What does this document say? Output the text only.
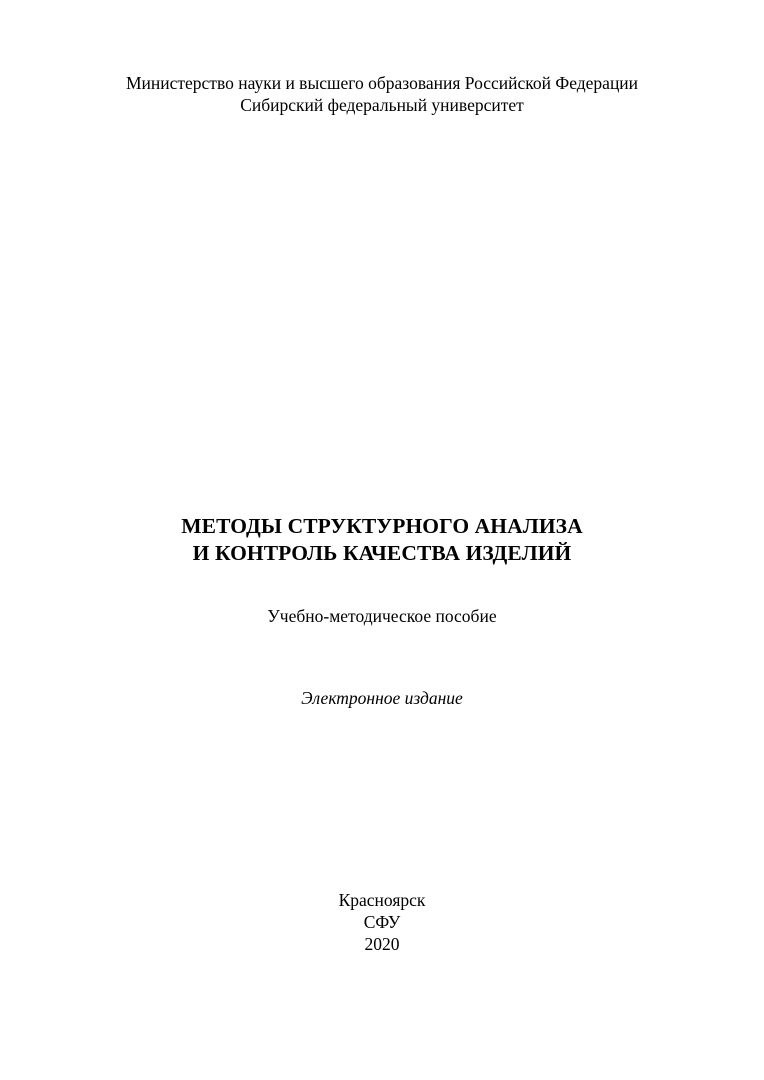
Министерство науки и высшего образования Российской Федерации
Сибирский федеральный университет
МЕТОДЫ СТРУКТУРНОГО АНАЛИЗА
И КОНТРОЛЬ КАЧЕСТВА ИЗДЕЛИЙ
Учебно-методическое пособие
Электронное издание
Красноярск
СФУ
2020
